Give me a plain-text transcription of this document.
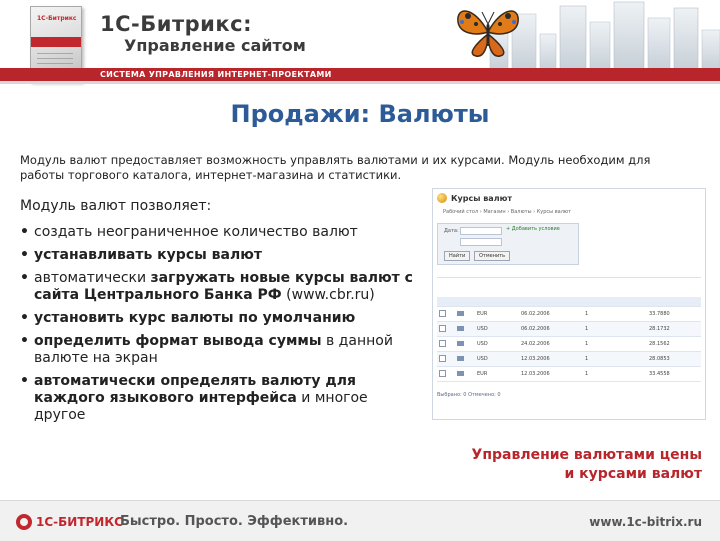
1С-Битрикс 1С-Битрикс:
Управление сайтом
СИСТЕМА УПРАВЛЕНИЯ ИНТЕРНЕТ-ПРОЕКТАМИ
Продажи: Валюты
Модуль валют предоставляет возможность управлять валютами и их курсами. Модуль необходим для работы торгового каталога, интернет-магазина и статистики.
Модуль валют позволяет:
• создать неограниченное количество валют
• устанавливать курсы валют
• автоматически загружать новые курсы валют с сайта Центрального Банка РФ (www.cbr.ru)
• установить курс валюты по умолчанию
• определить формат вывода суммы в данной валюте на экран
• автоматически определять валюту для каждого языкового интерфейса и многое другое
Курсы валют
Рабочий стол › Магазин › Валюты › Курсы валют
Дата:	+ Добавить условие
Найти	Отменить

		EUR	06.02.2006	1	33.7880
		USD	06.02.2006	1	28.1732
		USD	24.02.2006	1	28.1562
		USD	12.03.2006	1	28.0853
		EUR	12.03.2006	1	33.4558
Выбрано: 0 Отмечено: 0
Управление валютами цены
и курсами валют
1С-БИТРИКС
Быстро. Просто. Эффективно.	www.1c-bitrix.ru
